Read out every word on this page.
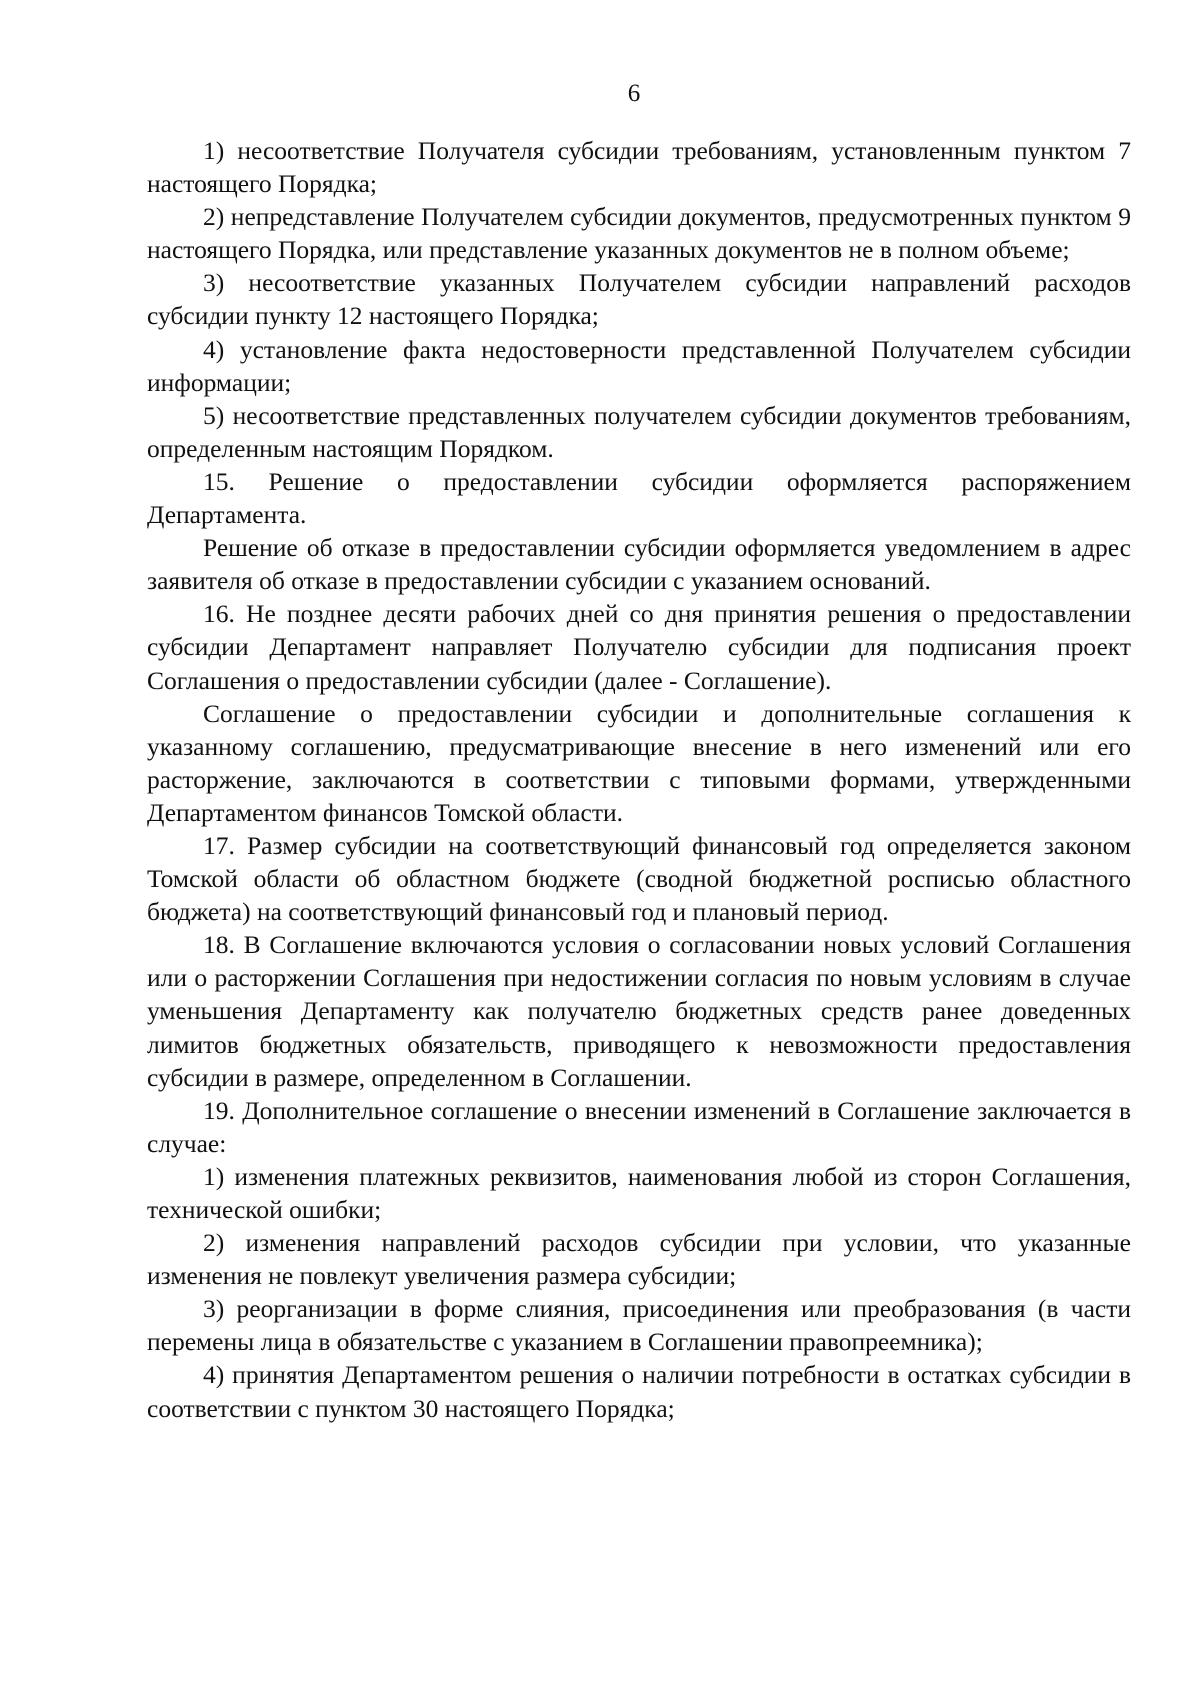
6

1) несоответствие Получателя субсидии требованиям, установленным пунктом 7 настоящего Порядка;

2) непредставление Получателем субсидии документов, предусмотренных пунктом 9 настоящего Порядка, или представление указанных документов не в полном объеме;

3) несоответствие указанных Получателем субсидии направлений расходов субсидии пункту 12 настоящего Порядка;

4) установление факта недостоверности представленной Получателем субсидии информации;

5) несоответствие представленных получателем субсидии документов требованиям, определенным настоящим Порядком.

15. Решение о предоставлении субсидии оформляется распоряжением Департамента.

Решение об отказе в предоставлении субсидии оформляется уведомлением в адрес заявителя об отказе в предоставлении субсидии с указанием оснований.

16. Не позднее десяти рабочих дней со дня принятия решения о предоставлении субсидии Департамент направляет Получателю субсидии для подписания проект Соглашения о предоставлении субсидии (далее - Соглашение).

Соглашение о предоставлении субсидии и дополнительные соглашения к указанному соглашению, предусматривающие внесение в него изменений или его расторжение, заключаются в соответствии с типовыми формами, утвержденными Департаментом финансов Томской области.

17. Размер субсидии на соответствующий финансовый год определяется законом Томской области об областном бюджете (сводной бюджетной росписью областного бюджета) на соответствующий финансовый год и плановый период.

18. В Соглашение включаются условия о согласовании новых условий Соглашения или о расторжении Соглашения при недостижении согласия по новым условиям в случае уменьшения Департаменту как получателю бюджетных средств ранее доведенных лимитов бюджетных обязательств, приводящего к невозможности предоставления субсидии в размере, определенном в Соглашении.

19. Дополнительное соглашение о внесении изменений в Соглашение заключается в случае:

1) изменения платежных реквизитов, наименования любой из сторон Соглашения, технической ошибки;

2) изменения направлений расходов субсидии при условии, что указанные изменения не повлекут увеличения размера субсидии;

3) реорганизации в форме слияния, присоединения или преобразования (в части перемены лица в обязательстве с указанием в Соглашении правопреемника);

4) принятия Департаментом решения о наличии потребности в остатках субсидии в соответствии с пунктом 30 настоящего Порядка;
